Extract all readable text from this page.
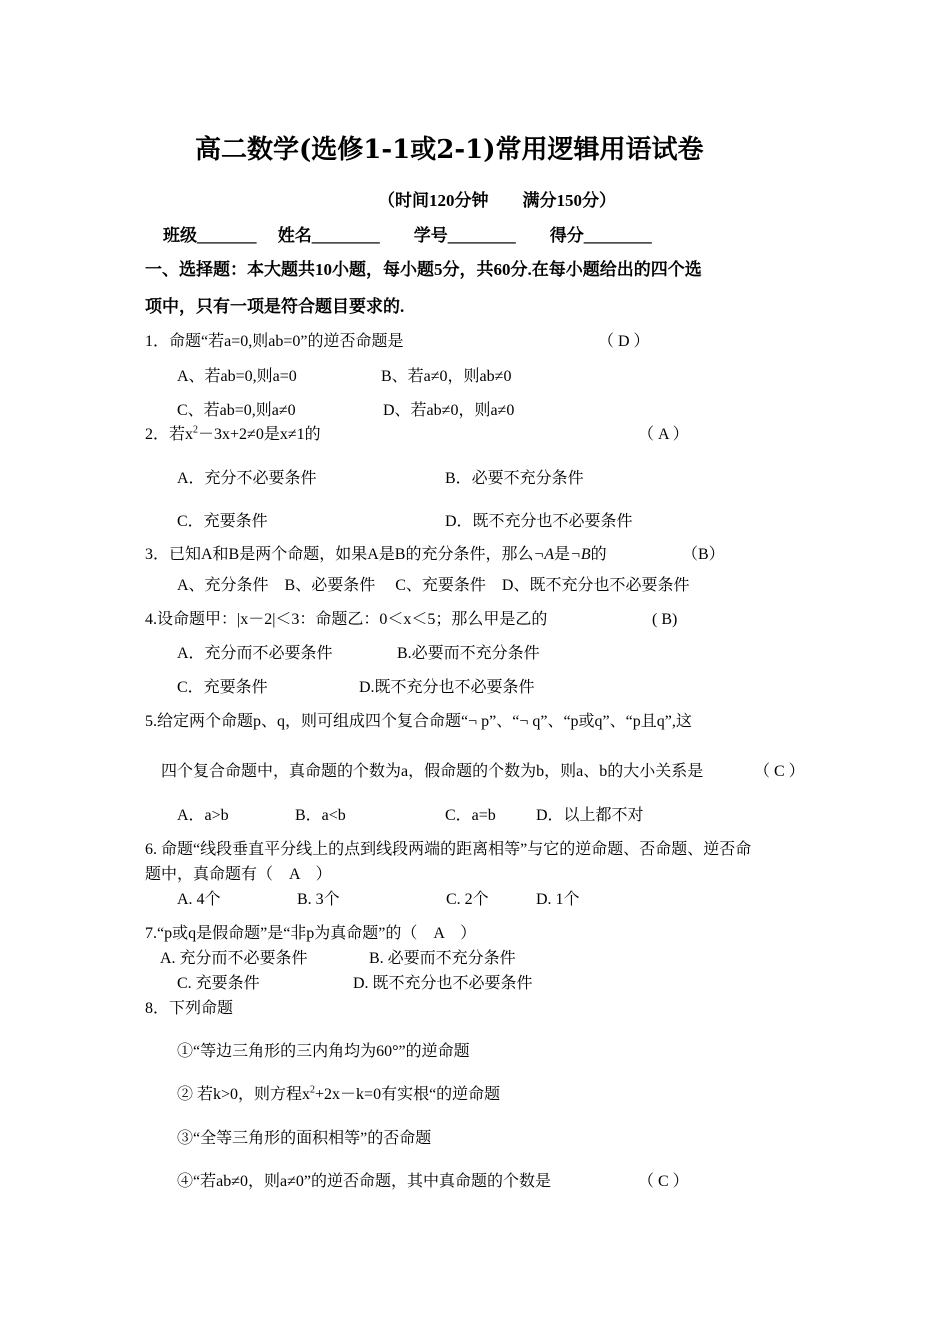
高二数学(选修1-1或2-1)常用逻辑用语试卷
（时间120分钟　　满分150分）
班级_______　 姓名________　　学号________　　得分________
一、选择题：本大题共10小题，每小题5分，共60分.在每小题给出的四个选
项中，只有一项是符合题目要求的.
1．命题“若a=0,则ab=0”的逆否命题是	（ D ）
A、若ab=0,则a=0	B、若a≠0，则ab≠0
C、若ab=0,则a≠0	D、若ab≠0，则a≠0
2．若$x^2-3x+2\ne 0$是x≠1的	（ A ）
A．充分不必要条件	B．必要不充分条件
C．充要条件	D．既不充分也不必要条件
3．已知A和B是两个命题，如果A是B的充分条件，那么¬A是¬B的	（B）
A、充分条件　B、必要条件　 C、充要条件　D、既不充分也不必要条件
4.设命题甲：|x－2|＜3：命题乙：0＜x＜5；那么甲是乙的	( B)
A．充分而不必要条件	B.必要而不充分条件
C．充要条件	D.既不充分也不必要条件
5.给定两个命题p、q，则可组成四个复合命题“¬ p”、“¬ q”、“p或q”、“p且q”,这
四个复合命题中，真命题的个数为a，假命题的个数为b，则a、b的大小关系是	（ C ）
A．a>b	B．a<b	C．a=b	D．以上都不对
6. 命题“线段垂直平分线上的点到线段两端的距离相等”与它的逆命题、否命题、逆否命
题中，真命题有（　A　）
A. 4个	B. 3个	C. 2个	D. 1个
7.“p或q是假命题”是“非p为真命题”的（　A　）
A. 充分而不必要条件	B. 必要而不充分条件
C. 充要条件	D. 既不充分也不必要条件
8．下列命题
①“等边三角形的三内角均为60°”的逆命题
② 若k>0，则方程$x^2+2x-k=0$有实根“的逆命题
③“全等三角形的面积相等”的否命题
④“若ab≠0，则a≠0”的逆否命题，其中真命题的个数是	（ C ）
